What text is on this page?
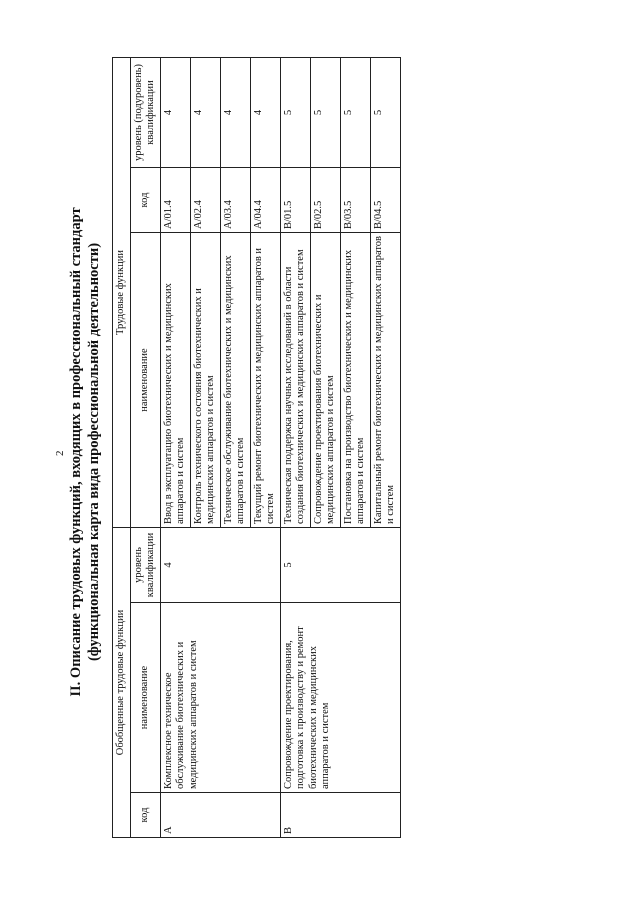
2 II. Описание трудовых функций, входящих в профессиональный стандарт (функциональная карта вида профессиональной деятельности)
Обобщенные трудовые функции			Трудовые функции		
код	наименование	уровень квалификации	наименование	код	уровень (подуровень) квалификации
А	Комплексное техническое обслуживание биотехнических и медицинских аппаратов и систем	4	Ввод в эксплуатацию биотехнических и медицинских аппаратов и систем	А/01.4	4
			Контроль технического состояния биотехнических и медицинских аппаратов и систем	А/02.4	4
			Техническое обслуживание биотехнических и медицинских аппаратов и систем	А/03.4	4
			Текущий ремонт биотехнических и медицинских аппаратов и систем	А/04.4	4
В	Сопровождение проектирования, подготовка к производству и ремонт биотехнических и медицинских аппаратов и систем	5	Техническая поддержка научных исследований в области создания биотехнических и медицинских аппаратов и систем	В/01.5	5
			Сопровождение проектирования биотехнических и медицинских аппаратов и систем	В/02.5	5
			Постановка на производство биотехнических и медицинских аппаратов и систем	В/03.5	5
			Капитальный ремонт биотехнических и медицинских аппаратов и систем	В/04.5	5
